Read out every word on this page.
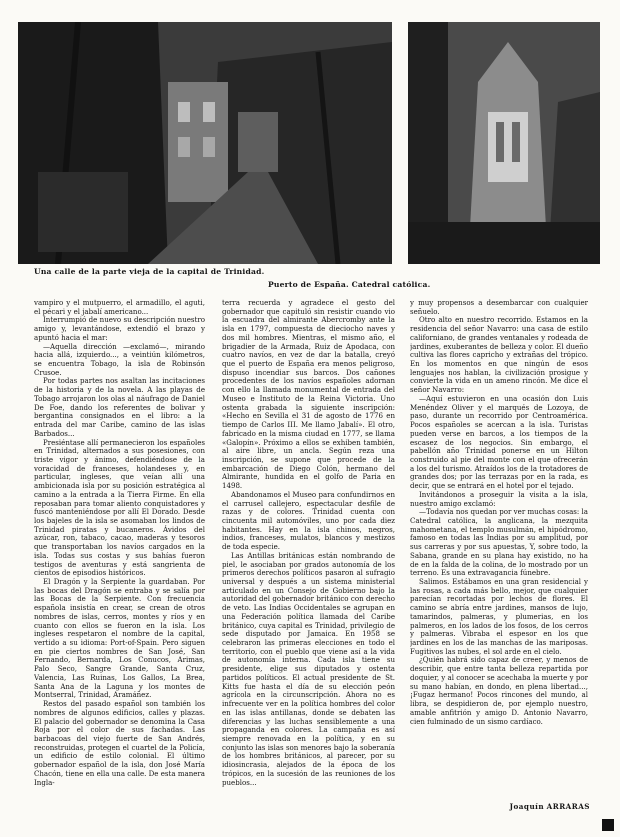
Una calle de la parte vieja de la capital de Trinidad.
Puerto de España. Catedral católica.

vampiro y el mutpuerro, el armadillo, el aguti, el pécari y el jabalí americano...

Interrumpió de nuevo su descripción nuestro amigo y, levantándose, extendió el brazo y apuntó hacia el mar:

—Aquella dirección —exclamó—, mirando hacia allá, izquierdo..., a veintiún kilómetros, se encuentra Tobago, la isla de Robinsón Crusoe.

Por todas partes nos asaltan las incitaciones de la historia y de la novela. A las playas de Tobago arrojaron los olas al náufrago de Daniel De Foe, dando los referentes de bolivar y bergantina consignados en el libro: a la entrada del mar Caribe, camino de las islas Barbados...

Presiéntase allí permanecieron los españoles en Trinidad, alternados a sus posesiones, con triste vigor y ánimo, defendiéndose de la voracidad de franceses, holandeses y, en particular, ingleses, que veían allí una ambicionada isla por su posición estratégica al camino a la entrada a la Tierra Firme. En ella reposaban para tomar aliento conquistadores y fuscó manteniéndose por allí El Dorado. Desde los bajeles de la isla se asomaban los lindos de Trinidad piratas y bucaneros. Ávidos del azúcar, ron, tabaco, cacao, maderas y tesoros que transportaban los navíos cargados en la isla. Todas sus costas y sus bahías fueron testigos de aventuras y está sangrienta de cientos de episodios históricos.

El Dragón y la Serpiente la guardaban. Por las bocas del Dragón se entraba y se salía por las Bocas de la Serpiente. Con frecuencia española insistía en crear, se crean de otros nombres de islas, cerros, montes y ríos y en cuanto con ellos se fueron en la isla. Los ingleses respetaron el nombre de la capital, vertido a su idioma: Port-of-Spain. Pero siguen en pie ciertos nombres de San José, San Fernando, Bernarda, Los Conucos, Arimas, Palo Seco, Sangre Grande, Santa Cruz, Valencia, Las Ruinas, Los Gallos, La Brea, Santa Ana de la Laguna y los montes de Montserral, Trinidad, Aramáñez.

Restos del pasado español son también los nombres de algunos edificios, calles y plazas. El palacio del gobernador se denomina la Casa Roja por el color de sus fachadas. Las barbacoas del viejo fuerte de San Andrés, reconstruidas, protegen el cuartel de la Policía, un edificio de estilo colonial. El último gobernador español de la isla, don José María Chacón, tiene en ella una calle. De esta manera Ingla-

terra recuerda y agradece el gesto del gobernador que capituló sin resistir cuando vio la escuadra del almirante Abercromby ante la isla en 1797, compuesta de dieciocho naves y dos mil hombres. Mientras, el mismo año, el brigadier de la Armada, Ruiz de Apodaca, con cuatro navíos, en vez de dar la batalla, creyó que el puerto de España era menos peligroso, dispuso incendiar sus barcos. Dos cañones procedentes de los navíos españoles adornan con ello la llamada monumental de entrada del Museo e Instituto de la Reina Victoria. Uno ostenta grabada la siguiente inscripción: «Hecho en Sevilla el 31 de agosto de 1776 en tiempo de Carlos III. Me llamo Jabalí». El otro, fabricado en la misma ciudad en 1777, se llama «Galopín». Próximo a ellos se exhiben también, al aire libre, un ancla. Según reza una inscripción, se supone que procede de la embarcación de Diego Colón, hermano del Almirante, hundida en el golfo de Paria en 1498.

Abandonamos el Museo para confundirnos en el carrusel callejero, espectacular desfile de razas y de colores. Trinidad cuenta con cincuenta mil automóviles, uno por cada diez habitantes. Hay en la isla chinos, negros, indios, franceses, mulatos, blancos y mestizos de toda especie.

Las Antillas británicas están nombrando de piel, le asociaban por grados autonomía de los primeros derechos políticos pasaron al sufragio universal y después a un sistema ministerial articulado en un Consejo de Gobierno bajo la autoridad del gobernador británico con derecho de veto. Las Indias Occidentales se agrupan en una Federación política llamada del Caribe británico, cuya capital es Trinidad, privilegio de sede disputado por Jamaica. En 1958 se celebraron las primeras elecciones en todo el territorio, con el pueblo que viene así a la vida de autonomía interna. Cada isla tiene su presidente, elige sus diputados y ostenta partidos políticos. El actual presidente de St. Kitts fue hasta el día de su elección peón agrícola en la circunscripción. Ahora no es infrecuente ver en la política hombres del color en las islas antillanas, donde se debaten las diferencias y las luchas sensiblemente a una propaganda en colores. La campaña es así siempre renovada en la política, y en su conjunto las islas son menores bajo la soberanía de los hombres británicos, al parecer, por su idiosincrasia, alejados de la época de los trópicos, en la sucesión de las reuniones de los pueblos...

y muy propensos a desembarcar con cualquier señuelo.

Otro alto en nuestro recorrido. Estamos en la residencia del señor Navarro: una casa de estilo californiano, de grandes ventanales y rodeada de jardines, exuberantes de belleza y color. El dueño cultiva las flores capricho y extrañas del trópico. En los momentos en que ningún de esos lenguajes nos hablan, la civilización prosigue y convierte la vida en un ameno rincón. Me dice el señor Navarro:

—Aquí estuvieron en una ocasión don Luis Menéndez Oliver y el marqués de Lozoya, de paso, durante un recorrido por Centroamérica. Pocos españoles se acercan a la isla. Turistas pueden verse en barcos, a los tiempos de la escasez de los negocios. Sin embargo, el pabellón año Trinidad ponerse en un Hilton construido al pie del monte con el que ofrecerán a los del turismo. Atraídos los de la trotadores de grandes dos; por las terrazas por en la rada, es decir, que se entrará en el hotel por el tejado.

Invitándonos a proseguir la visita a la isla, nuestro amigo exclamó:

—Todavía nos quedan por ver muchas cosas: la Catedral católica, la anglicana, la mezquita mahometana, el templo musulmán, el hipódromo, famoso en todas las Indias por su amplitud, por sus carreras y por sus apuestas, Y, sobre todo, la Sabana, grande en su plana hay existido, no ha de en la falda de la colina, de lo mostrado por un terreno. Es una extravagancia fúnebre.

Salimos. Estábamos en una gran residencial y las rosas, a cada más bello, mejor, que cualquier parecían recortadas por lechos de flores. El camino se abría entre jardines, mansos de lujo, tamarindos, palmeras, y plumerias, en los palmeros, en los lados de los fosos, de los cerros y palmeras. Vibraba el espesor en los que jardines en los de las manchas de las mariposas. Fugitivos las nubes, el sol arde en el cielo.

¿Quién habrá sido capaz de creer, y menos de describir, que entre tanta belleza repartida por doquier, y al conocer se acechaba la muerte y por su mano habían, en dondo, en plena libertad..., ¡Fugaz hermano! Pocos rincones del mundo, al libra, se despidieron de, por ejemplo nuestro, amable anfitrión y amigo D. Antonio Navarro, cien fulminado de un sismo cardíaco.

Joaquín ARRARAS
